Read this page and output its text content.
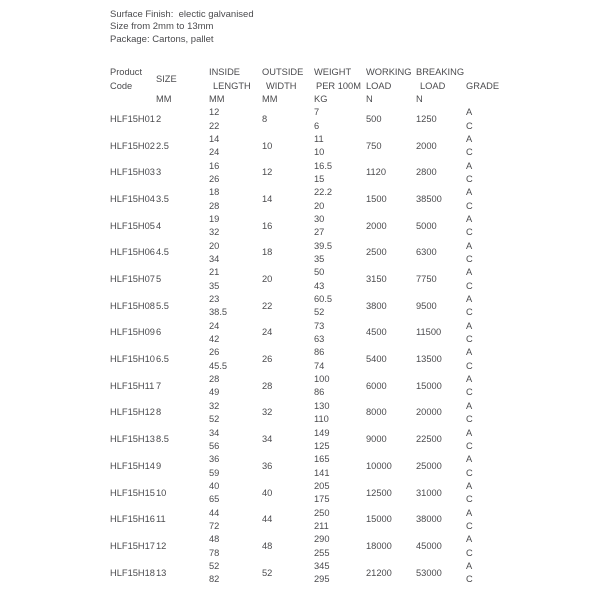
Surface Finish:  electic galvanised
Size from 2mm to 13mm
Package: Cartons, pallet
Product	SIZE	INSIDE	OUTSIDE	WEIGHT	WORKING	BREAKING	GRADE
Code		LENGTH	WIDTH	PER 100M	LOAD	LOAD	
	MM	MM	MM	KG	N	N	
HLF15H01	2	12	8	7	500	1250	A
		22		6			C
HLF15H02	2.5	14	10	11	750	2000	A
		24		10			C
HLF15H03	3	16	12	16.5	1120	2800	A
		26		15			C
HLF15H04	3.5	18	14	22.2	1500	38500	A
		28		20			C
HLF15H05	4	19	16	30	2000	5000	A
		32		27			C
HLF15H06	4.5	20	18	39.5	2500	6300	A
		34		35			C
HLF15H07	5	21	20	50	3150	7750	A
		35		43			C
HLF15H08	5.5	23	22	60.5	3800	9500	A
		38.5		52			C
HLF15H09	6	24	24	73	4500	11500	A
		42		63			C
HLF15H10	6.5	26	26	86	5400	13500	A
		45.5		74			C
HLF15H11	7	28	28	100	6000	15000	A
		49		86			C
HLF15H12	8	32	32	130	8000	20000	A
		52		110			C
HLF15H13	8.5	34	34	149	9000	22500	A
		56		125			C
HLF15H14	9	36	36	165	10000	25000	A
		59		141			C
HLF15H15	10	40	40	205	12500	31000	A
		65		175			C
HLF15H16	11	44	44	250	15000	38000	A
		72		211			C
HLF15H17	12	48	48	290	18000	45000	A
		78		255			C
HLF15H18	13	52	52	345	21200	53000	A
		82		295			C
